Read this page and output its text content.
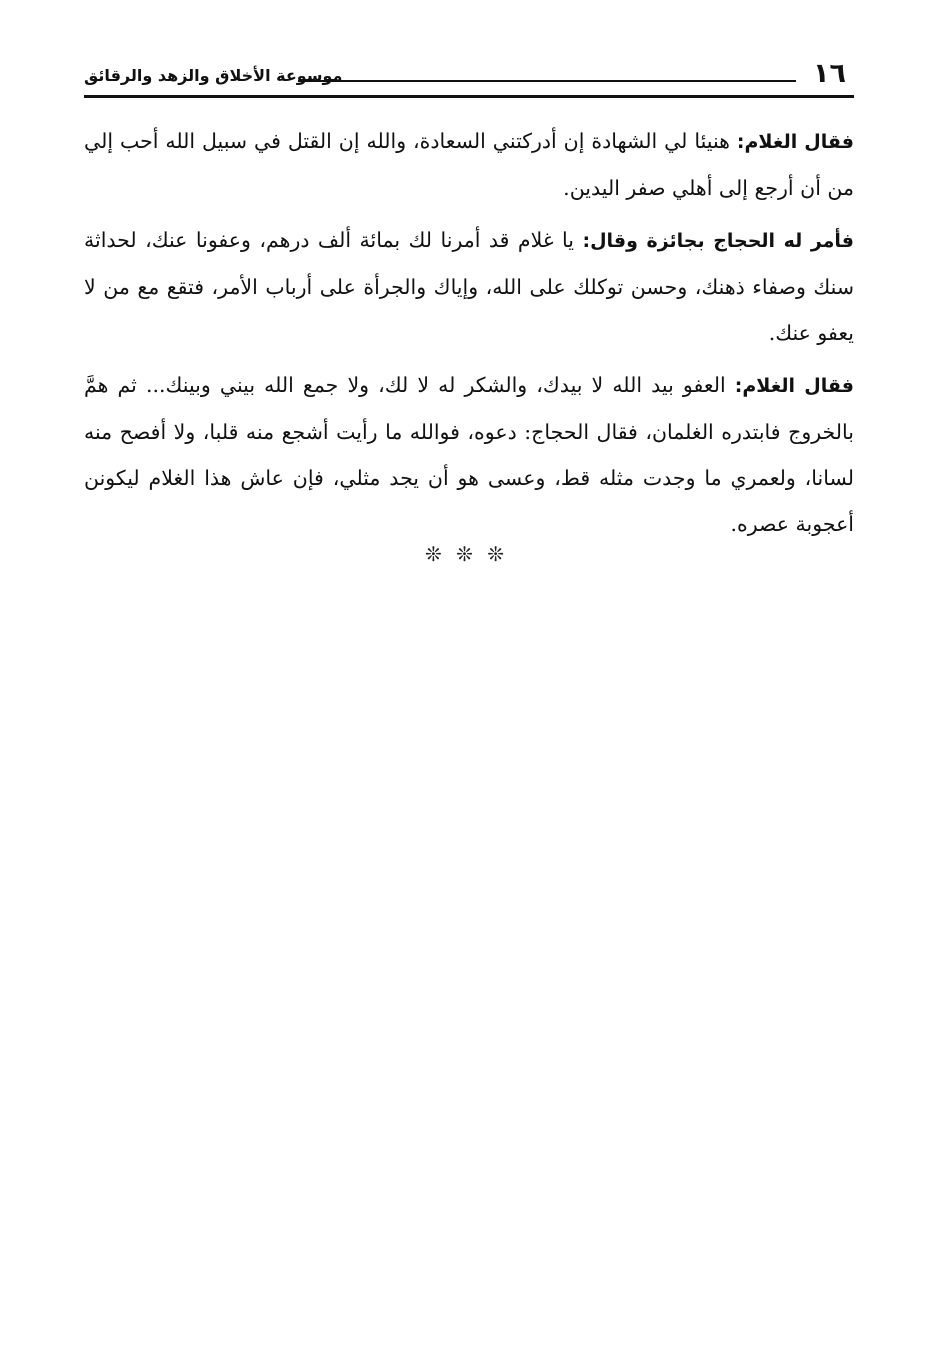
١٦
موسوعة الأخلاق والزهد والرقائق

فقال الغلام: هنيئا لي الشهادة إن أدركتني السعادة، والله إن القتل في سبيل الله أحب إلي من أن أرجع إلى أهلي صفر اليدين.

فأمر له الحجاج بجائزة وقال: يا غلام قد أمرنا لك بمائة ألف درهم، وعفونا عنك، لحداثة سنك وصفاء ذهنك، وحسن توكلك على الله، وإياك والجرأة على أرباب الأمر، فتقع مع من لا يعفو عنك.

فقال الغلام: العفو بيد الله لا بيدك، والشكر له لا لك، ولا جمع الله بيني وبينك... ثم همَّ بالخروج فابتدره الغلمان، فقال الحجاج: دعوه، فوالله ما رأيت أشجع منه قلبا، ولا أفصح منه لسانا، ولعمري ما وجدت مثله قط، وعسى هو أن يجد مثلي، فإن عاش هذا الغلام ليكونن أعجوبة عصره.

❊ ❊ ❊
